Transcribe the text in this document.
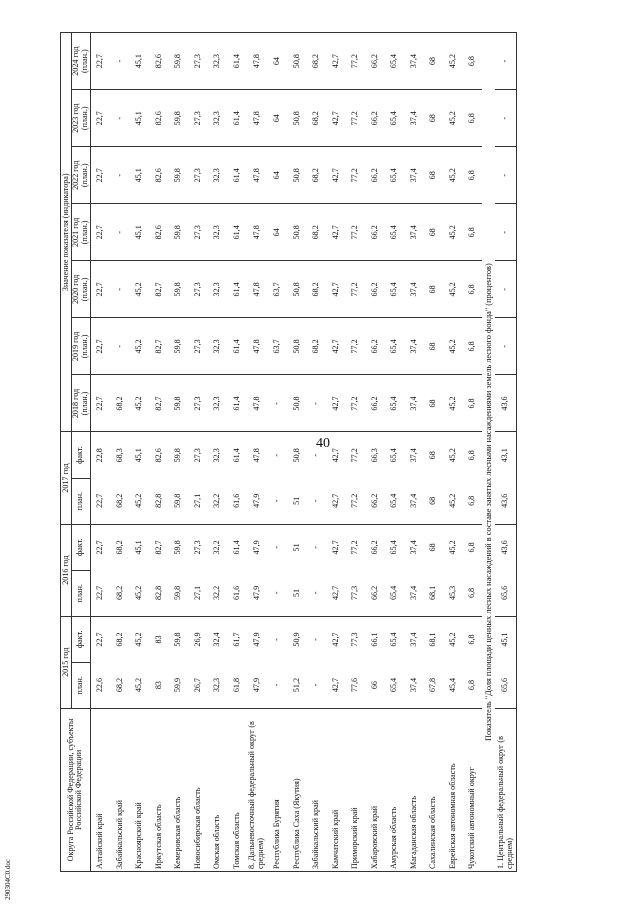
40
290304C0.doc
Округа Российской Федерации, субъекты Российской Федерации	2015 год		2016 год		2017 год		Значение показателя (индикатора)						
							2018 год (план.)	2019 год (план.)	2020 год (план.)	2021 год (план.)	2022 год (план.)	2023 год (план.)	2024 год (план.)
	план.	факт.	план.	факт.	план.	факт.							
Алтайский край	22,6	22,7	22,7	22,7	22,7	22,8	22,7	22,7	22,7	22,7	22,7	22,7	22,7
Забайкальский край	68,2	68,2	68,2	68,2	68,2	68,3	68,2	-	-	-	-	-	-
Красноярский край	45,2	45,2	45,2	45,1	45,2	45,1	45,2	45,2	45,2	45,1	45,1	45,1	45,1
Иркутская область	83	83	82,8	82,7	82,8	82,6	82,7	82,7	82,7	82,6	82,6	82,6	82,6
Кемеровская область	59,9	59,8	59,8	59,8	59,8	59,8	59,8	59,8	59,8	59,8	59,8	59,8	59,8
Новосибирская область	26,7	26,9	27,1	27,3	27,1	27,3	27,3	27,3	27,3	27,3	27,3	27,3	27,3
Омская область	32,3	32,4	32,2	32,2	32,2	32,3	32,3	32,3	32,3	32,3	32,3	32,3	32,3
Томская область	61,8	61,7	61,6	61,4	61,6	61,4	61,4	61,4	61,4	61,4	61,4	61,4	61,4
8. Дальневосточный федеральный округ (в среднем)	47,9	47,9	47,9	47,9	47,9	47,8	47,8	47,8	47,8	47,8	47,8	47,8	47,8
Республика Бурятия	-	-	-	-	-	-	-	63,7	63,7	64	64	64	64
Республика Саха (Якутия)	51,2	50,9	51	51	51	50,8	50,8	50,8	50,8	50,8	50,8	50,8	50,8
Забайкальский край	-	-	-	-	-	-	-	68,2	68,2	68,2	68,2	68,2	68,2
Камчатский край	42,7	42,7	42,7	42,7	42,7	42,7	42,7	42,7	42,7	42,7	42,7	42,7	42,7
Приморский край	77,6	77,3	77,3	77,2	77,2	77,2	77,2	77,2	77,2	77,2	77,2	77,2	77,2
Хабаровский край	66	66,1	66,2	66,2	66,2	66,3	66,2	66,2	66,2	66,2	66,2	66,2	66,2
Амурская область	65,4	65,4	65,4	65,4	65,4	65,4	65,4	65,4	65,4	65,4	65,4	65,4	65,4
Магаданская область	37,4	37,4	37,4	37,4	37,4	37,4	37,4	37,4	37,4	37,4	37,4	37,4	37,4
Сахалинская область	67,8	68,1	68,1	68	68	68	68	68	68	68	68	68	68
Еврейская автономная область	45,4	45,2	45,3	45,2	45,2	45,2	45,2	45,2	45,2	45,2	45,2	45,2	45,2
Чукотский автономный округ	6,8	6,8	6,8	6,8	6,8	6,8	6,8	6,8	6,8	6,8	6,8	6,8	6,8
Показатель "Доля площади ценных лесных насаждений в составе занятых лесными насаждениями земель лесного фонда" (процентов)													
1. Центральный федеральный округ (в среднем)	65,6	45,1	65,6	43,6	43,6	43,1	43,6	-	-	-	-	-	-
